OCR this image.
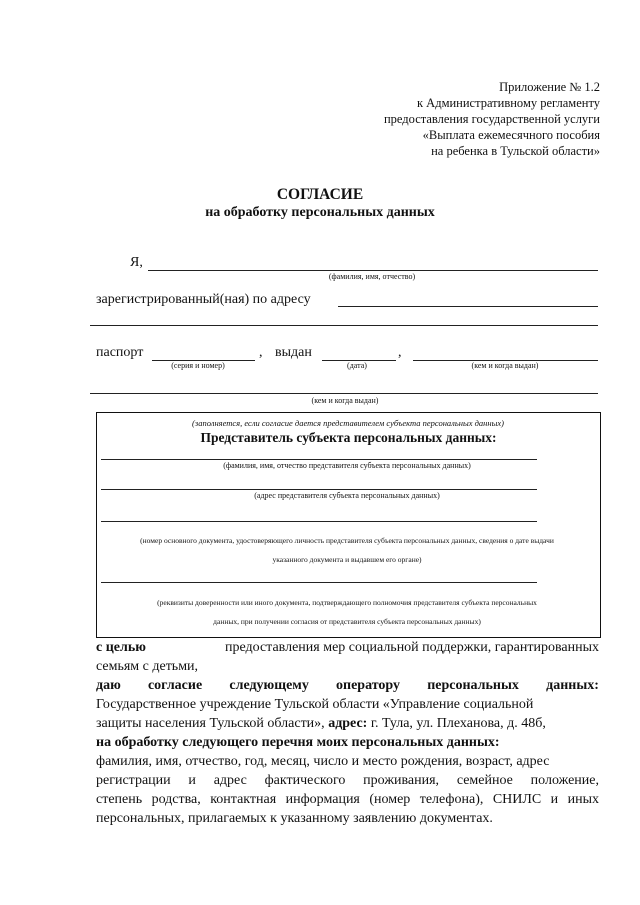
Приложение № 1.2
к Административному регламенту
предоставления государственной услуги
«Выплата ежемесячного пособия
на ребенка в Тульской области»
СОГЛАСИЕ
на обработку персональных данных
Я,
(фамилия, имя, отчество)
зарегистрированный(ная) по адресу
паспорт
(серия и номер)
, выдан
(дата)
,
(кем и когда выдан)
(кем и когда выдан)
(заполняется, если согласие дается представителем субъекта персональных данных)
Представитель субъекта персональных данных:
(фамилия, имя, отчество представителя субъекта персональных данных)
(адрес представителя субъекта персональных данных)
(номер основного документа, удостоверяющего личность представителя субъекта персональных данных, сведения о дате выдачи
указанного документа и выдавшем его органе)
(реквизиты доверенности или иного документа, подтверждающего полномочия представителя субъекта персональных
данных, при получении согласия от представителя субъекта персональных данных)
с целью	предоставления мер социальной поддержки, гарантированных
семьям с детьми,
даю согласие следующему оператору персональных данных:
Государственное учреждение Тульской области «Управление социальной
защиты населения Тульской области», адрес: г. Тула, ул. Плеханова, д. 48б,
на обработку следующего перечня моих персональных данных:
фамилия, имя, отчество, год, месяц, число и место рождения, возраст, адрес
регистрации и адрес фактического проживания, семейное положение,
степень родства, контактная информация (номер телефона), СНИЛС и иных
персональных, прилагаемых к указанному заявлению документах.
